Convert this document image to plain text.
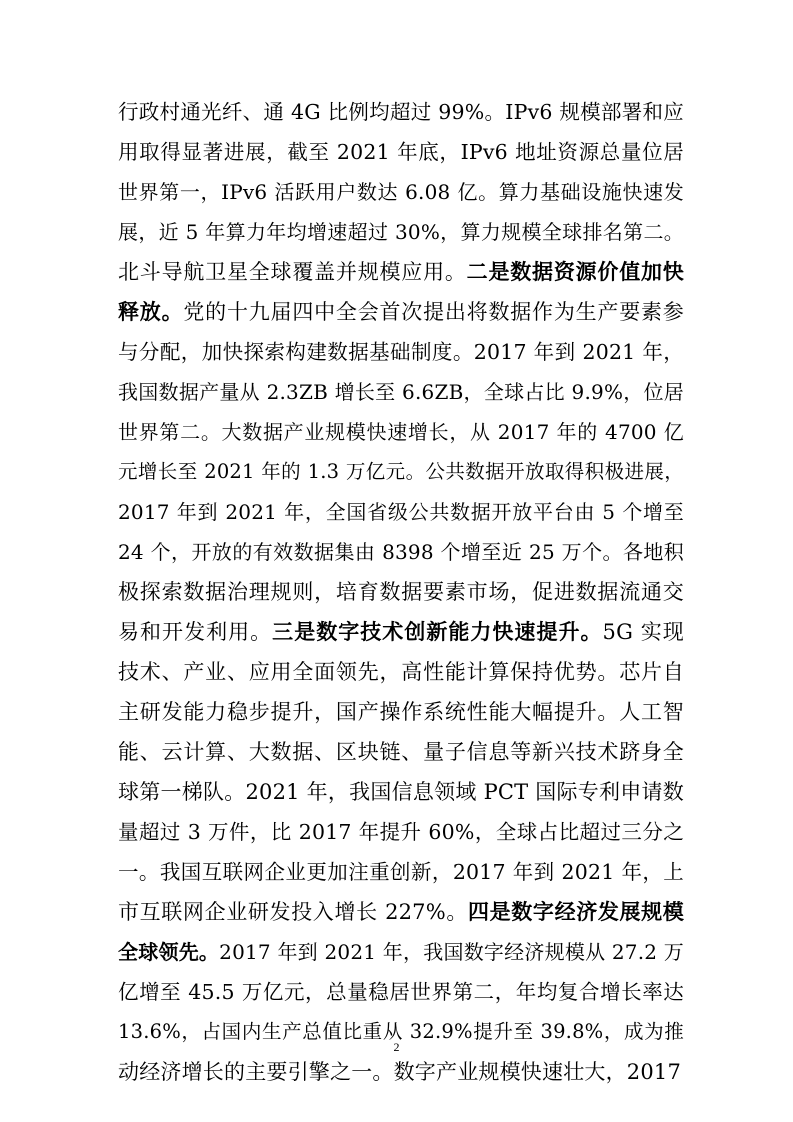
行政村通光纤、通 4G 比例均超过 99%。IPv6 规模部署和应
用取得显著进展，截至 2021 年底，IPv6 地址资源总量位居
世界第一，IPv6 活跃用户数达 6.08 亿。算力基础设施快速发
展，近 5 年算力年均增速超过 30%，算力规模全球排名第二。
北斗导航卫星全球覆盖并规模应用。二是数据资源价值加快
释放。党的十九届四中全会首次提出将数据作为生产要素参
与分配，加快探索构建数据基础制度。2017 年到 2021 年，
我国数据产量从 2.3ZB 增长至 6.6ZB，全球占比 9.9%，位居
世界第二。大数据产业规模快速增长，从 2017 年的 4700 亿
元增长至 2021 年的 1.3 万亿元。公共数据开放取得积极进展，
2017 年到 2021 年，全国省级公共数据开放平台由 5 个增至
24 个，开放的有效数据集由 8398 个增至近 25 万个。各地积
极探索数据治理规则，培育数据要素市场，促进数据流通交
易和开发利用。三是数字技术创新能力快速提升。5G 实现
技术、产业、应用全面领先，高性能计算保持优势。芯片自
主研发能力稳步提升，国产操作系统性能大幅提升。人工智
能、云计算、大数据、区块链、量子信息等新兴技术跻身全
球第一梯队。2021 年，我国信息领域 PCT 国际专利申请数
量超过 3 万件，比 2017 年提升 60%，全球占比超过三分之
一。我国互联网企业更加注重创新，2017 年到 2021 年，上
市互联网企业研发投入增长 227%。四是数字经济发展规模
全球领先。2017 年到 2021 年，我国数字经济规模从 27.2 万
亿增至 45.5 万亿元，总量稳居世界第二，年均复合增长率达
13.6%，占国内生产总值比重从 32.9%提升至 39.8%，成为推
动经济增长的主要引擎之一。数字产业规模快速壮大，2017
2
